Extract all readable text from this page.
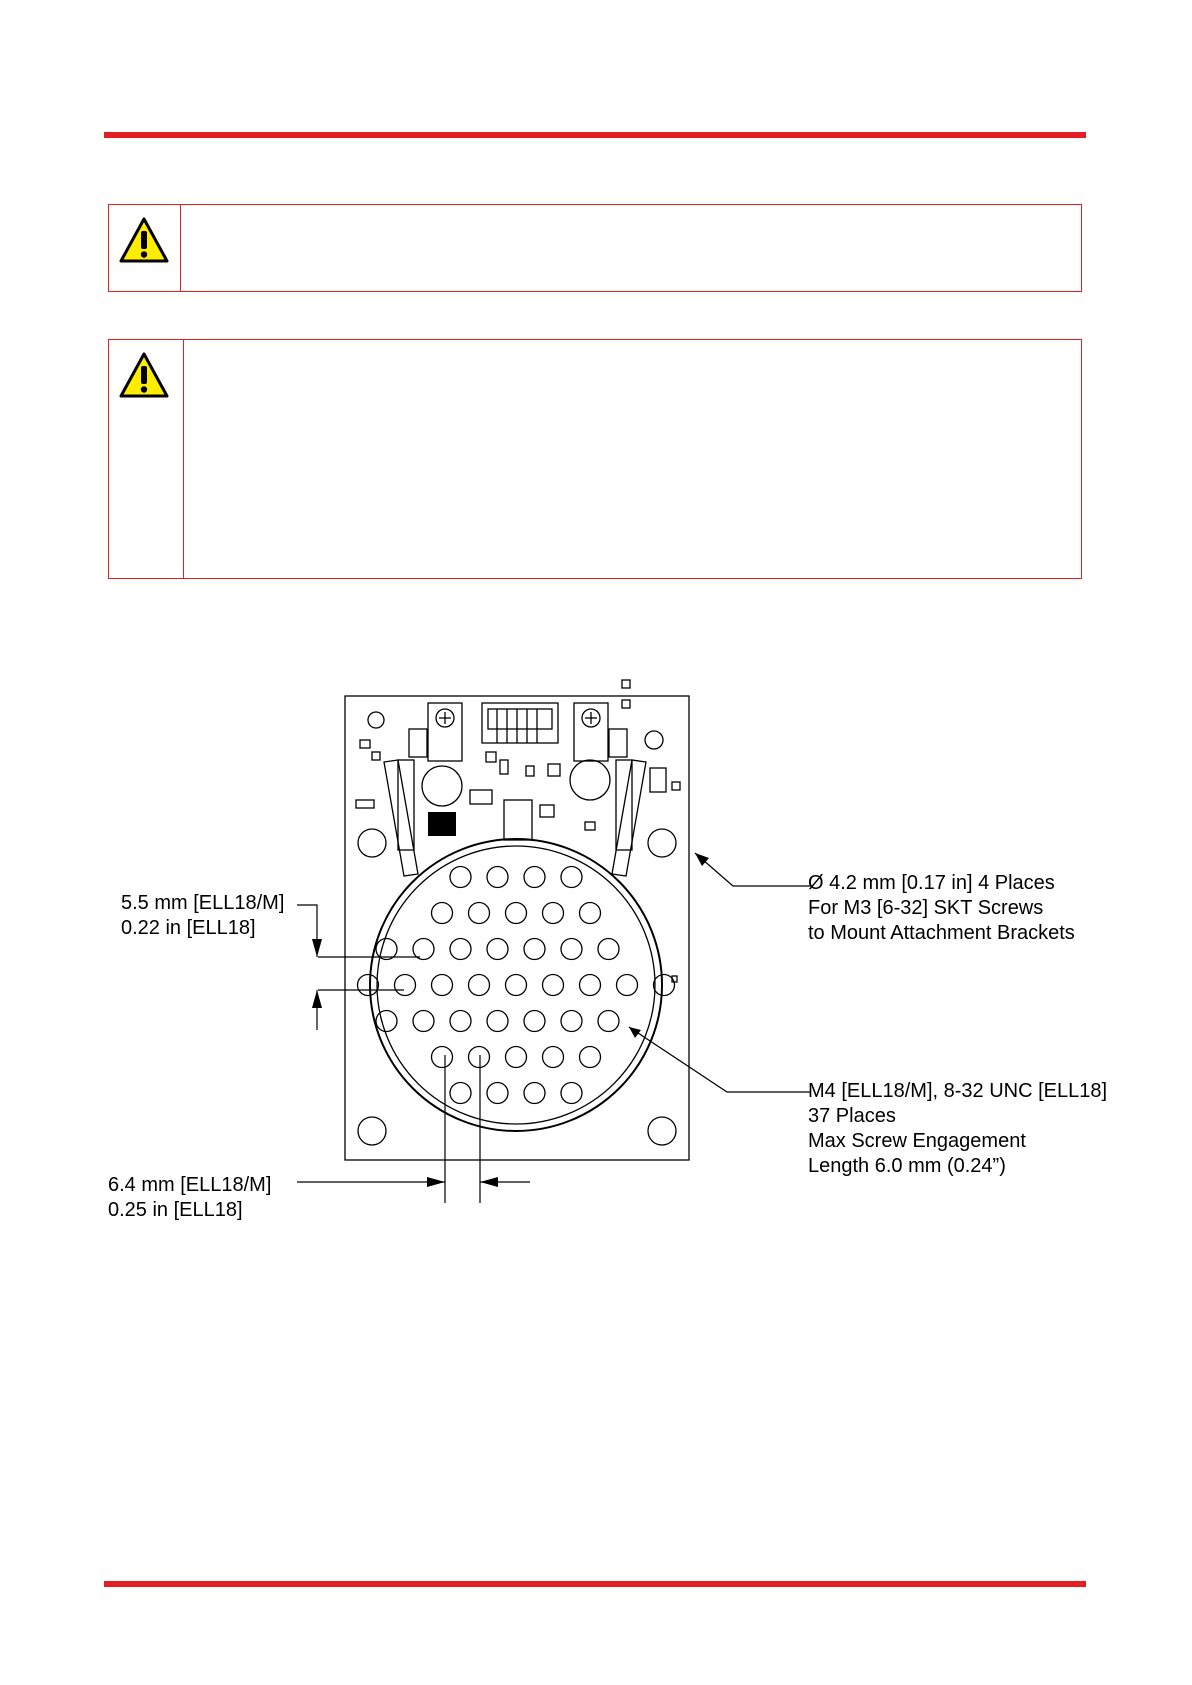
Ø 4.2 mm [0.17 in] 4 Places
For M3 [6-32] SKT Screws
to Mount Attachment Brackets
5.5 mm [ELL18/M]
0.22 in [ELL18]
M4 [ELL18/M], 8-32 UNC [ELL18]
37 Places
Max Screw Engagement
Length 6.0 mm (0.24”)
6.4 mm [ELL18/M]
0.25 in [ELL18]
